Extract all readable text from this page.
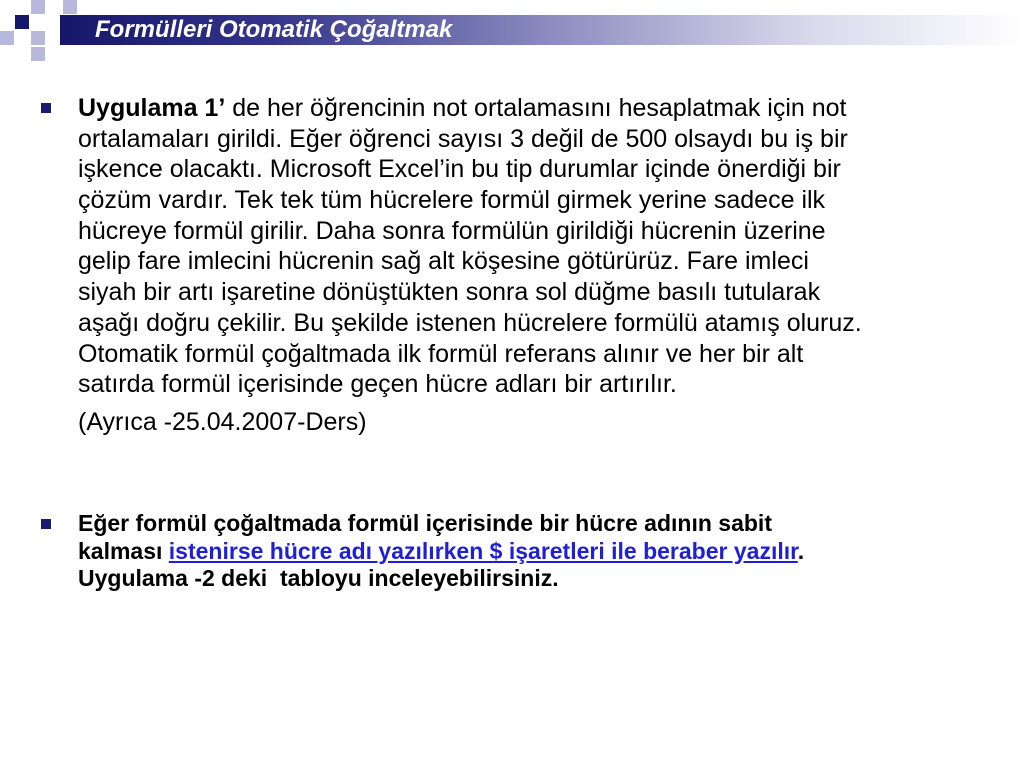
Formülleri Otomatik Çoğaltmak
Uygulama 1’ de her öğrencinin not ortalamasını hesaplatmak için not
ortalamaları girildi. Eğer öğrenci sayısı 3 değil de 500 olsaydı bu iş bir
işkence olacaktı. Microsoft Excel’in bu tip durumlar içinde önerdiği bir
çözüm vardır. Tek tek tüm hücrelere formül girmek yerine sadece ilk
hücreye formül girilir. Daha sonra formülün girildiği hücrenin üzerine
gelip fare imlecini hücrenin sağ alt köşesine götürürüz. Fare imleci
siyah bir artı işaretine dönüştükten sonra sol düğme basılı tutularak
aşağı doğru çekilir. Bu şekilde istenen hücrelere formülü atamış oluruz.
Otomatik formül çoğaltmada ilk formül referans alınır ve her bir alt
satırda formül içerisinde geçen hücre adları bir artırılır.
(Ayrıca -25.04.2007-Ders)
Eğer formül çoğaltmada formül içerisinde bir hücre adının sabit
kalması istenirse hücre adı yazılırken $ işaretleri ile beraber yazılır.
Uygulama -2 deki  tabloyu inceleyebilirsiniz.
